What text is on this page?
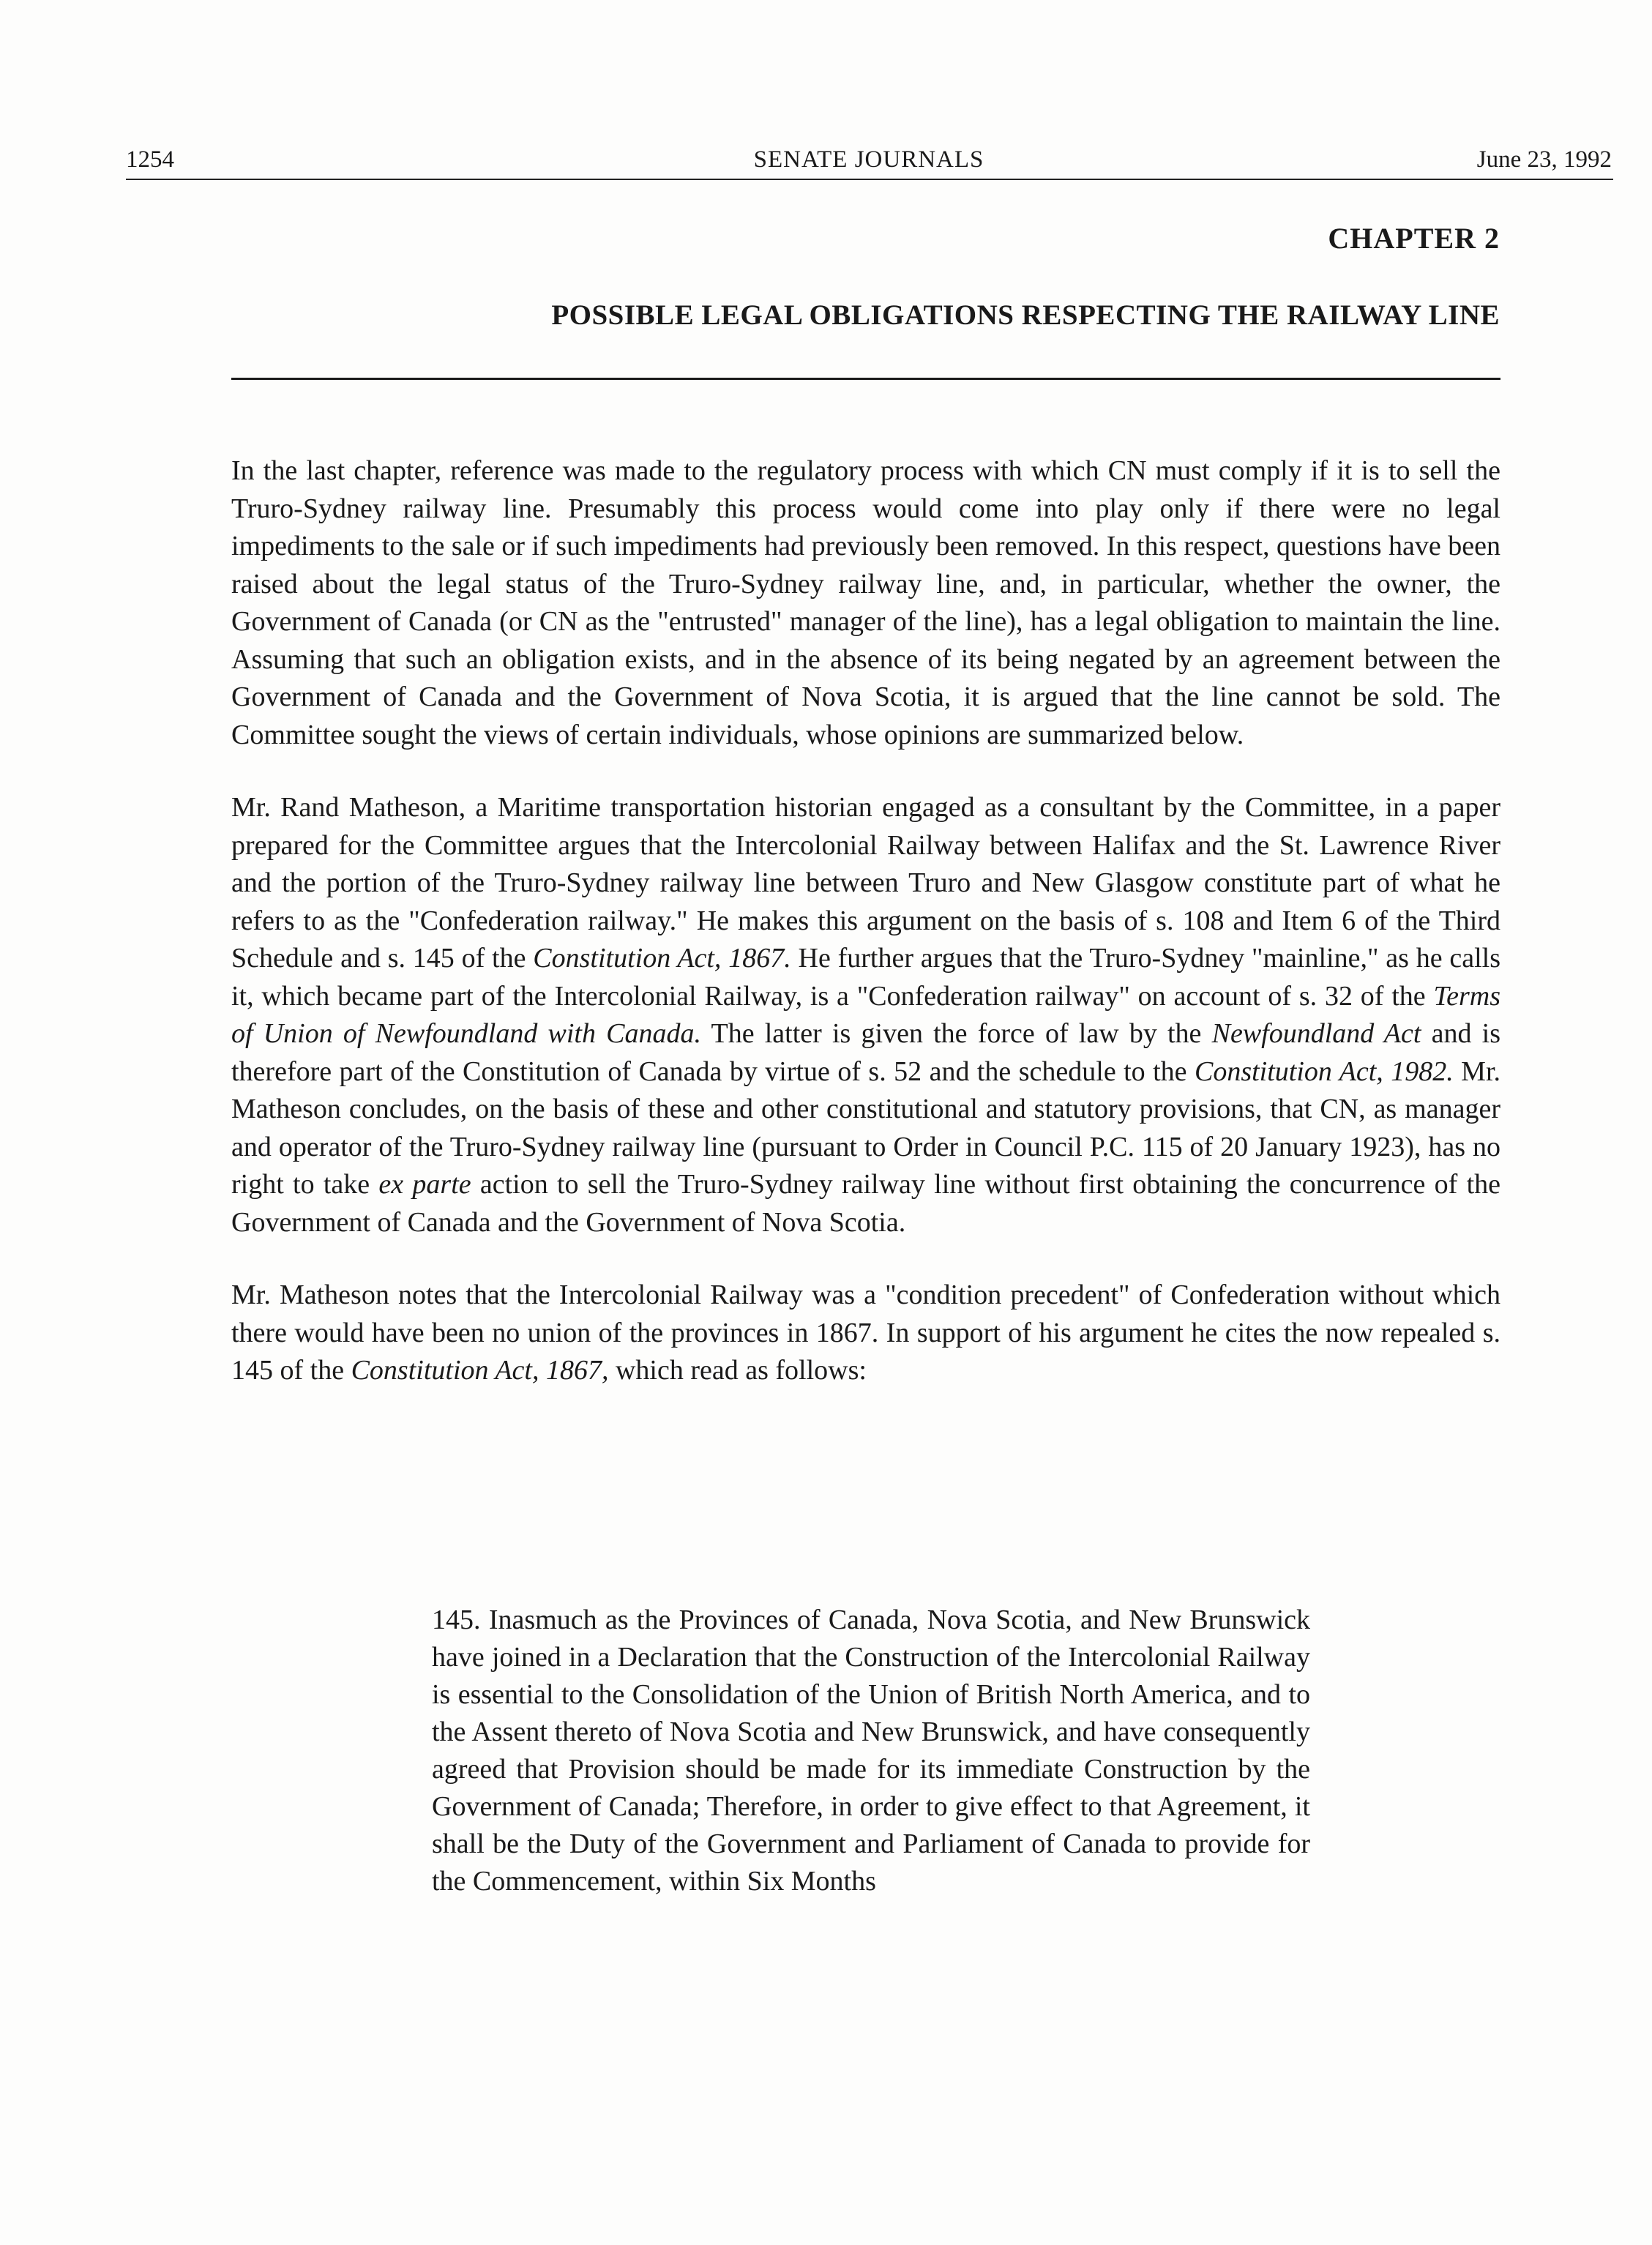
1254	SENATE JOURNALS	June 23, 1992
CHAPTER 2
POSSIBLE LEGAL OBLIGATIONS RESPECTING THE RAILWAY LINE

In the last chapter, reference was made to the regulatory process with which CN must comply if it is to sell the Truro-Sydney railway line. Presumably this process would come into play only if there were no legal impediments to the sale or if such impediments had previously been removed. In this respect, questions have been raised about the legal status of the Truro-Sydney railway line, and, in particular, whether the owner, the Government of Canada (or CN as the "entrusted" manager of the line), has a legal obligation to maintain the line. Assuming that such an obligation exists, and in the absence of its being negated by an agreement between the Government of Canada and the Government of Nova Scotia, it is argued that the line cannot be sold. The Committee sought the views of certain individuals, whose opinions are summarized below.

Mr. Rand Matheson, a Maritime transportation historian engaged as a consultant by the Committee, in a paper prepared for the Committee argues that the Intercolonial Railway between Halifax and the St. Lawrence River and the portion of the Truro-Sydney railway line between Truro and New Glasgow constitute part of what he refers to as the "Confederation railway." He makes this argument on the basis of s. 108 and Item 6 of the Third Schedule and s. 145 of the Constitution Act, 1867. He further argues that the Truro-Sydney "mainline," as he calls it, which became part of the Intercolonial Railway, is a "Confederation railway" on account of s. 32 of the Terms of Union of Newfoundland with Canada. The latter is given the force of law by the Newfoundland Act and is therefore part of the Constitution of Canada by virtue of s. 52 and the schedule to the Constitution Act, 1982. Mr. Matheson concludes, on the basis of these and other constitutional and statutory provisions, that CN, as manager and operator of the Truro-Sydney railway line (pursuant to Order in Council P.C. 115 of 20 January 1923), has no right to take ex parte action to sell the Truro-Sydney railway line without first obtaining the concurrence of the Government of Canada and the Government of Nova Scotia.

Mr. Matheson notes that the Intercolonial Railway was a "condition precedent" of Confederation without which there would have been no union of the provinces in 1867. In support of his argument he cites the now repealed s. 145 of the Constitution Act, 1867, which read as follows:

145. Inasmuch as the Provinces of Canada, Nova Scotia, and New Brunswick have joined in a Declaration that the Construction of the Intercolonial Railway is essential to the Consolidation of the Union of British North America, and to the Assent thereto of Nova Scotia and New Brunswick, and have consequently agreed that Provision should be made for its immediate Construction by the Government of Canada; Therefore, in order to give effect to that Agreement, it shall be the Duty of the Government and Parliament of Canada to provide for the Commencement, within Six Months
